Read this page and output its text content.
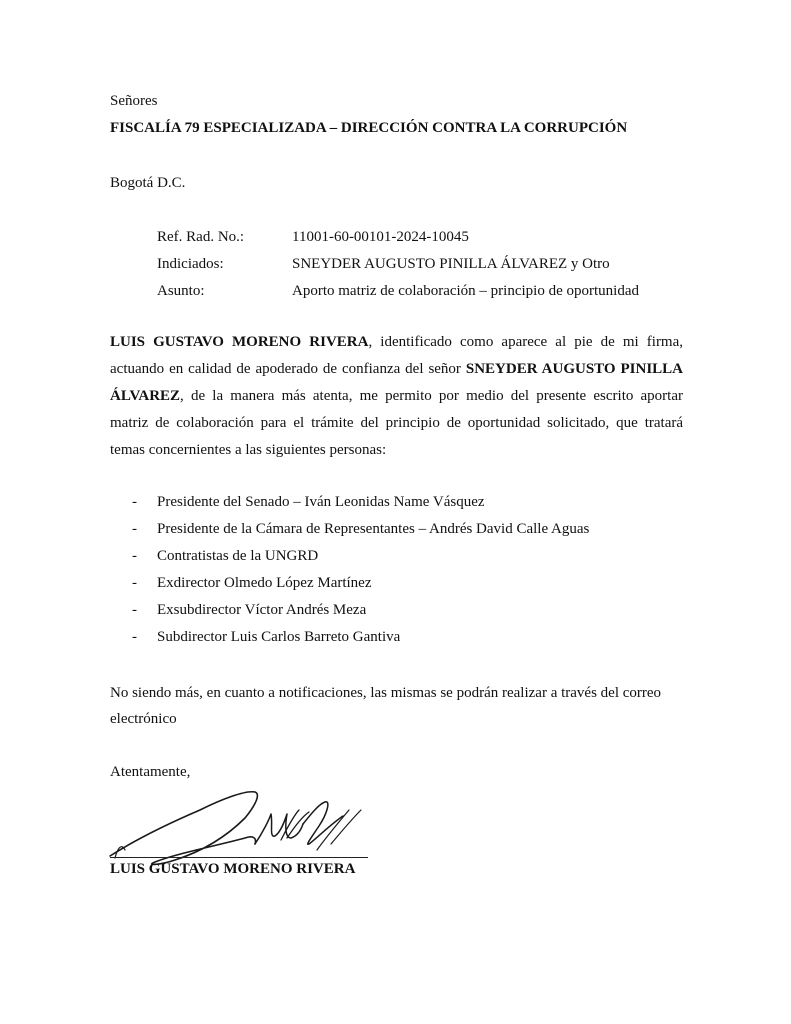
Señores
FISCALÍA 79 ESPECIALIZADA – DIRECCIÓN CONTRA LA CORRUPCIÓN
Bogotá D.C.
Ref. Rad. No.:	11001-60-00101-2024-10045
Indiciados:	SNEYDER AUGUSTO PINILLA ÁLVAREZ y Otro
Asunto:	Aporto matriz de colaboración – principio de oportunidad
LUIS GUSTAVO MORENO RIVERA, identificado como aparece al pie de mi firma,
actuando en calidad de apoderado de confianza del señor SNEYDER AUGUSTO PINILLA
ÁLVAREZ, de la manera más atenta, me permito por medio del presente escrito aportar
matriz de colaboración para el trámite del principio de oportunidad solicitado, que tratará
temas concernientes a las siguientes personas:
- Presidente del Senado – Iván Leonidas Name Vásquez
- Presidente de la Cámara de Representantes – Andrés David Calle Aguas
- Contratistas de la UNGRD
- Exdirector Olmedo López Martínez
- Exsubdirector Víctor Andrés Meza
- Subdirector Luis Carlos Barreto Gantiva
No siendo más, en cuanto a notificaciones, las mismas se podrán realizar a través del correo
electrónico
Atentamente,
LUIS GUSTAVO MORENO RIVERA
